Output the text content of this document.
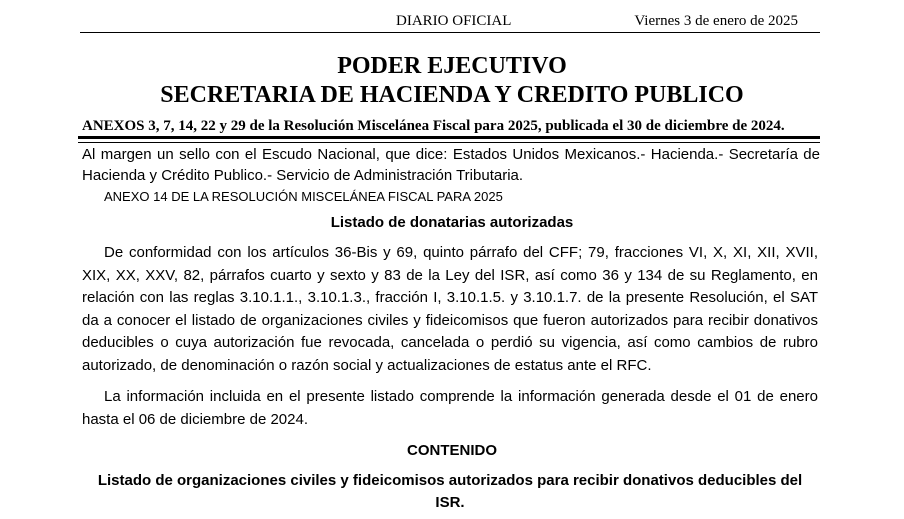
DIARIO OFICIAL	Viernes 3 de enero de 2025
PODER EJECUTIVO
SECRETARIA DE HACIENDA Y CREDITO PUBLICO
ANEXOS 3, 7, 14, 22 y 29 de la Resolución Miscelánea Fiscal para 2025, publicada el 30 de diciembre de 2024.
Al margen un sello con el Escudo Nacional, que dice: Estados Unidos Mexicanos.- Hacienda.- Secretaría de Hacienda y Crédito Publico.- Servicio de Administración Tributaria.
ANEXO 14 DE LA RESOLUCIÓN MISCELÁNEA FISCAL PARA 2025
Listado de donatarias autorizadas
De conformidad con los artículos 36-Bis y 69, quinto párrafo del CFF; 79, fracciones VI, X, XI, XII, XVII, XIX, XX, XXV, 82, párrafos cuarto y sexto y 83 de la Ley del ISR, así como 36 y 134 de su Reglamento, en relación con las reglas 3.10.1.1., 3.10.1.3., fracción I, 3.10.1.5. y 3.10.1.7. de la presente Resolución, el SAT da a conocer el listado de organizaciones civiles y fideicomisos que fueron autorizados para recibir donativos deducibles o cuya autorización fue revocada, cancelada o perdió su vigencia, así como cambios de rubro autorizado, de denominación o razón social y actualizaciones de estatus ante el RFC.
La información incluida en el presente listado comprende la información generada desde el 01 de enero hasta el 06 de diciembre de 2024.
CONTENIDO
Listado de organizaciones civiles y fideicomisos autorizados para recibir donativos deducibles del ISR.
